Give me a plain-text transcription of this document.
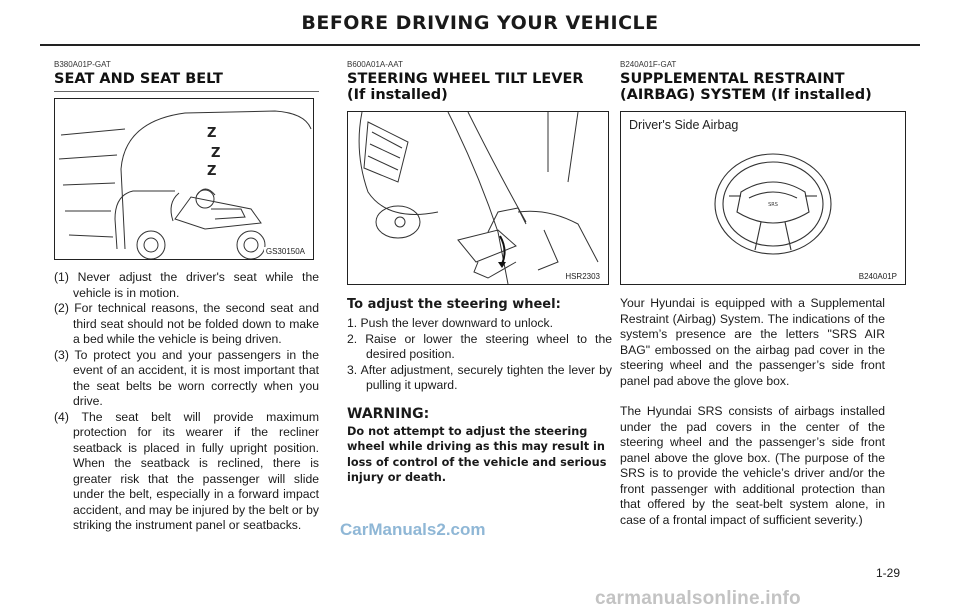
BEFORE DRIVING YOUR VEHICLE
B380A01P-GAT
SEAT AND SEAT BELT
Z
Z
Z
GS30150A
(1) Never adjust the driver's seat while the vehicle is in motion.
(2) For technical reasons, the second seat and third seat should not be folded down to make a bed while the vehicle is being driven.
(3) To protect you and your passengers in the event of an accident, it is most important that the seat belts be worn correctly when you drive.
(4) The seat belt will provide maximum protection for its wearer if the recliner seatback is placed in fully upright position. When the seatback is reclined, there is greater risk that the passenger will slide under the belt, especially in a forward impact accident, and may be injured by the belt or by striking the instrument panel or seatbacks.
B600A01A-AAT
STEERING WHEEL TILT LEVER
(If installed)
HSR2303
To adjust the steering wheel:
1. Push the lever downward to unlock.
2. Raise or lower the steering wheel to the desired position.
3. After adjustment, securely tighten the lever by pulling it upward.
WARNING:
Do not attempt to adjust the steering wheel while driving as this may result in loss of control of the vehicle and serious injury or death.
B240A01F-GAT
SUPPLEMENTAL RESTRAINT
(AIRBAG) SYSTEM (If installed)
Driver's Side Airbag
SRS
B240A01P
Your Hyundai is equipped with a Supplemental Restraint (Airbag) System. The indications of the system’s presence are the letters "SRS AIR BAG" embossed on the airbag pad cover in the steering wheel and the passenger’s side front panel pad above the glove box.
The Hyundai SRS consists of airbags installed under the pad covers in the center of the steering wheel and the passenger’s side front panel above the glove box. (The purpose of the SRS is to provide the vehicle’s driver and/or the front passenger with additional protection than that offered by the seat-belt system alone, in case of a frontal impact of sufficient severity.)
CarManuals2.com
1-29
carmanualsonline.info
